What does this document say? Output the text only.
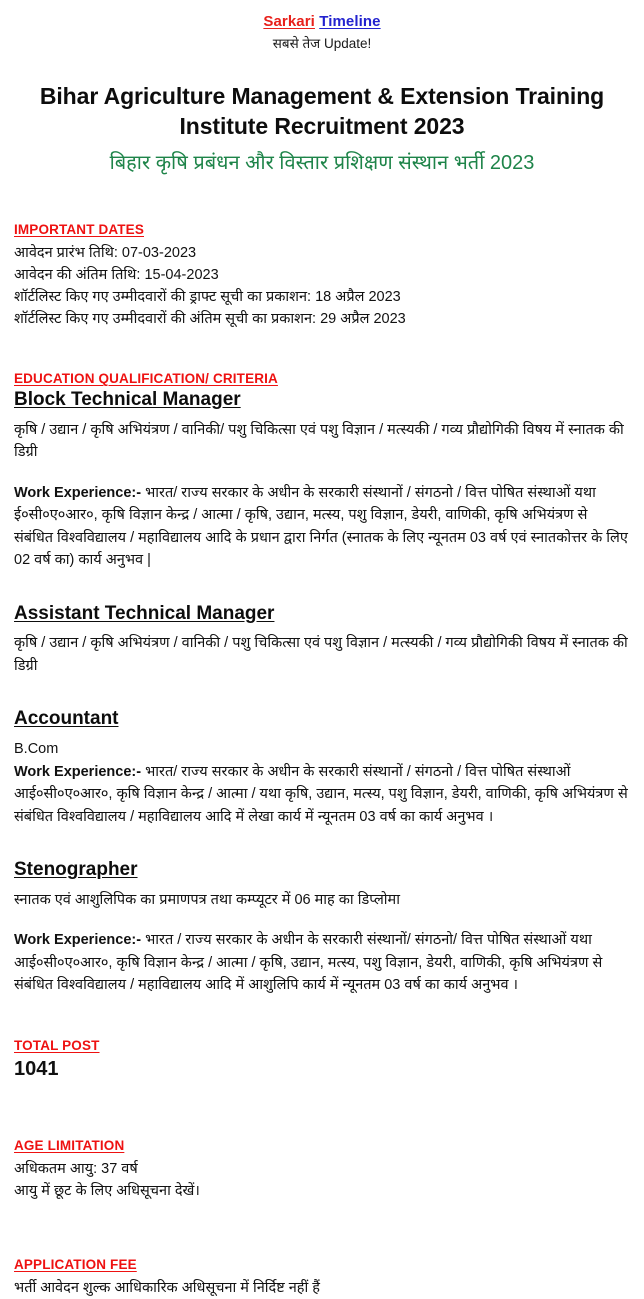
Sarkari Timeline
सबसे तेज Update!
Bihar Agriculture Management & Extension Training Institute Recruitment 2023
बिहार कृषि प्रबंधन और विस्तार प्रशिक्षण संस्थान भर्ती 2023
IMPORTANT DATES
आवेदन प्रारंभ तिथि: 07-03-2023
आवेदन की अंतिम तिथि: 15-04-2023
शॉर्टलिस्ट किए गए उम्मीदवारों की ड्राफ्ट सूची का प्रकाशन: 18 अप्रैल 2023
शॉर्टलिस्ट किए गए उम्मीदवारों की अंतिम सूची का प्रकाशन: 29 अप्रैल 2023
EDUCATION QUALIFICATION/ CRITERIA
Block Technical Manager
कृषि / उद्यान / कृषि अभियंत्रण / वानिकी/ पशु चिकित्सा एवं पशु विज्ञान / मत्स्यकी / गव्य प्रौद्योगिकी विषय में स्नातक की डिग्री
Work Experience:- भारत/ राज्य सरकार के अधीन के सरकारी संस्थानों / संगठनो / वित्त पोषित संस्थाओं यथा ई०सी०ए०आर०, कृषि विज्ञान केन्द्र / आत्मा / कृषि, उद्यान, मत्स्य, पशु विज्ञान, डेयरी, वाणिकी, कृषि अभियंत्रण से संबंधित विश्वविद्यालय / महाविद्यालय आदि के प्रधान द्वारा निर्गत (स्नातक के लिए न्यूनतम 03 वर्ष एवं स्नातकोत्तर के लिए 02 वर्ष का) कार्य अनुभव |
Assistant Technical Manager
कृषि / उद्यान / कृषि अभियंत्रण / वानिकी / पशु चिकित्सा एवं पशु विज्ञान / मत्स्यकी / गव्य प्रौद्योगिकी विषय में स्नातक की डिग्री
Accountant
B.Com
Work Experience:- भारत/ राज्य सरकार के अधीन के सरकारी संस्थानों / संगठनो / वित्त पोषित संस्थाओं आई०सी०ए०आर०, कृषि विज्ञान केन्द्र / आत्मा / यथा कृषि, उद्यान, मत्स्य, पशु विज्ञान, डेयरी, वाणिकी, कृषि अभियंत्रण से संबंधित विश्वविद्यालय / महाविद्यालय आदि में लेखा कार्य में न्यूनतम 03 वर्ष का कार्य अनुभव ।
Stenographer
स्नातक एवं आशुलिपिक का प्रमाणपत्र तथा कम्प्यूटर में 06 माह का डिप्लोमा
Work Experience:- भारत / राज्य सरकार के अधीन के सरकारी संस्थानों/ संगठनो/ वित्त पोषित संस्थाओं यथा आई०सी०ए०आर०, कृषि विज्ञान केन्द्र / आत्मा / कृषि, उद्यान, मत्स्य, पशु विज्ञान, डेयरी, वाणिकी, कृषि अभियंत्रण से संबंधित विश्वविद्यालय / महाविद्यालय आदि में आशुलिपि कार्य में न्यूनतम 03 वर्ष का कार्य अनुभव ।
TOTAL POST
1041
AGE LIMITATION
अधिकतम आयु: 37 वर्ष
आयु में छूट के लिए अधिसूचना देखें।
APPLICATION FEE
भर्ती आवेदन शुल्क आधिकारिक अधिसूचना में निर्दिष्ट नहीं हैं
